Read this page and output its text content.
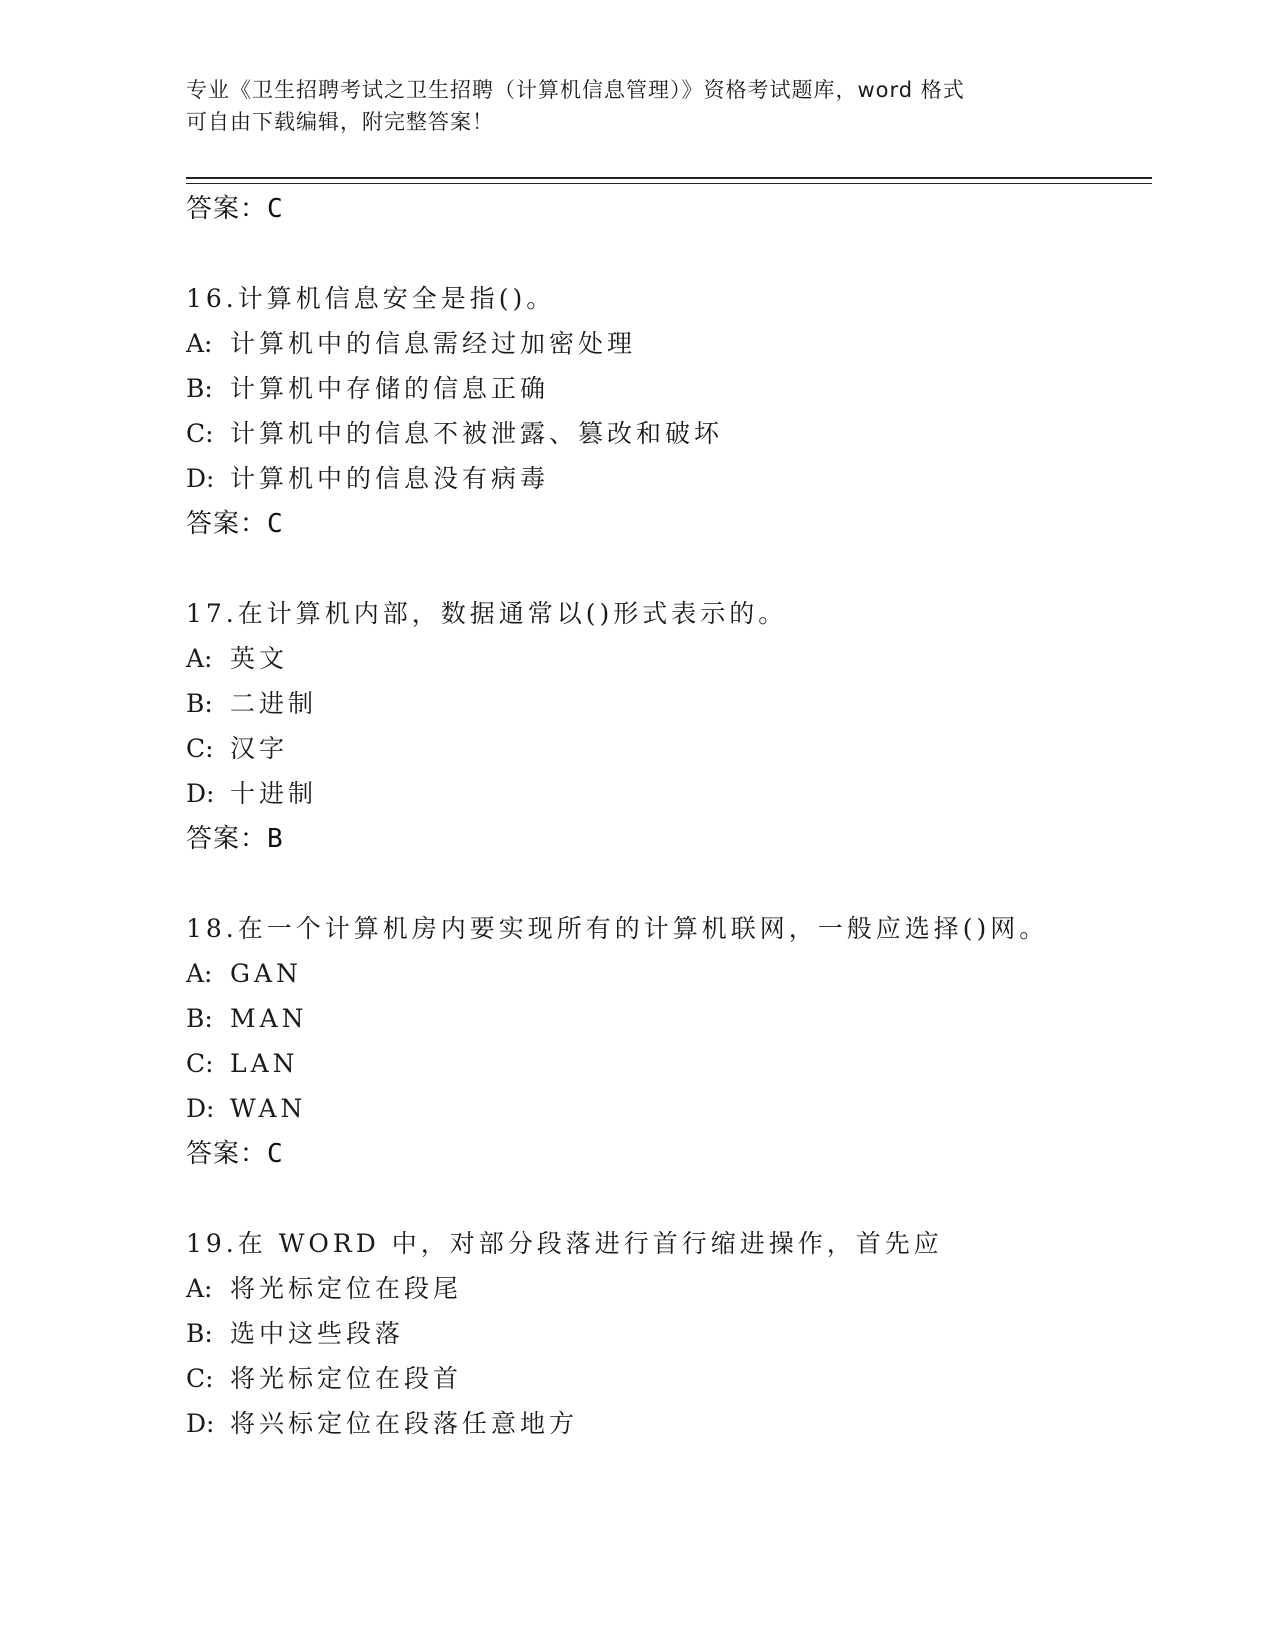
专业《卫生招聘考试之卫生招聘（计算机信息管理）》资格考试题库，word 格式
可自由下载编辑，附完整答案！
答案：C
16.计算机信息安全是指()。
A: 计算机中的信息需经过加密处理
B: 计算机中存储的信息正确
C: 计算机中的信息不被泄露、篡改和破坏
D: 计算机中的信息没有病毒
答案：C
17.在计算机内部，数据通常以()形式表示的。
A: 英文
B: 二进制
C: 汉字
D: 十进制
答案：B
18.在一个计算机房内要实现所有的计算机联网，一般应选择()网。
A: GAN
B: MAN
C: LAN
D: WAN
答案：C
19.在 WORD 中，对部分段落进行首行缩进操作，首先应
A: 将光标定位在段尾
B: 选中这些段落
C: 将光标定位在段首
D: 将兴标定位在段落任意地方
